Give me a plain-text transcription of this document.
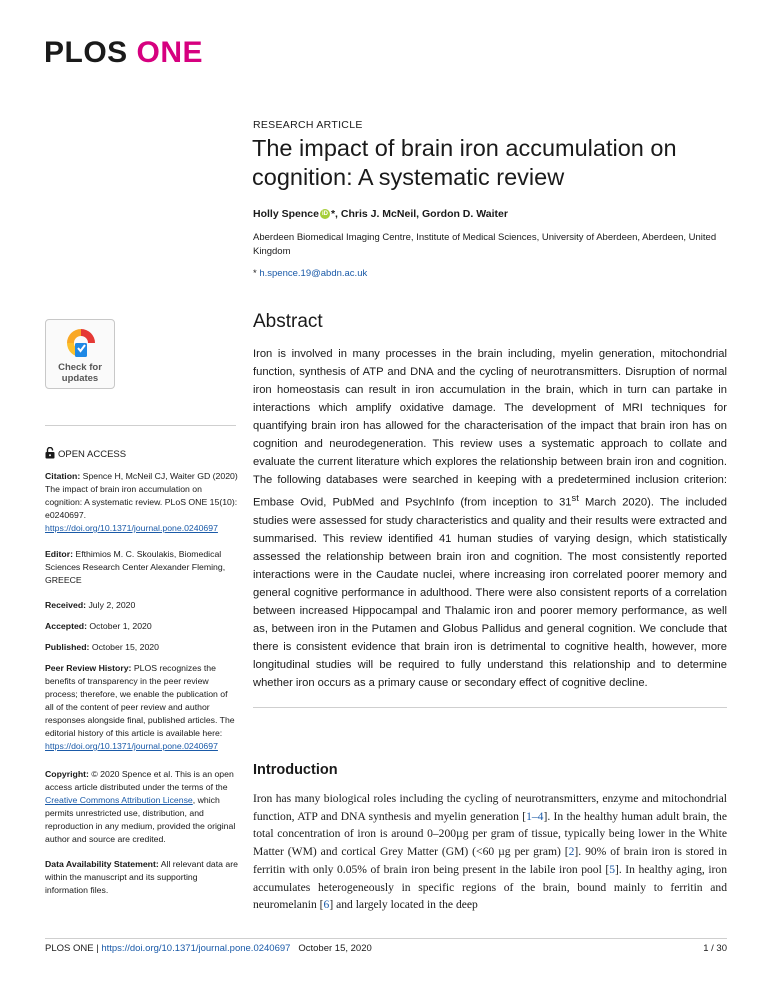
PLOS ONE
RESEARCH ARTICLE
The impact of brain iron accumulation on cognition: A systematic review
Holly Spence iD *, Chris J. McNeil, Gordon D. Waiter
Aberdeen Biomedical Imaging Centre, Institute of Medical Sciences, University of Aberdeen, Aberdeen, United Kingdom
* h.spence.19@abdn.ac.uk
Check for
updates
OPEN ACCESS
Citation: Spence H, McNeil CJ, Waiter GD (2020) The impact of brain iron accumulation on cognition: A systematic review. PLoS ONE 15(10): e0240697. https://doi.org/10.1371/journal.pone.0240697
Editor: Efthimios M. C. Skoulakis, Biomedical Sciences Research Center Alexander Fleming, GREECE
Received: July 2, 2020
Accepted: October 1, 2020
Published: October 15, 2020
Peer Review History: PLOS recognizes the benefits of transparency in the peer review process; therefore, we enable the publication of all of the content of peer review and author responses alongside final, published articles. The editorial history of this article is available here: https://doi.org/10.1371/journal.pone.0240697
Copyright: © 2020 Spence et al. This is an open access article distributed under the terms of the Creative Commons Attribution License, which permits unrestricted use, distribution, and reproduction in any medium, provided the original author and source are credited.
Data Availability Statement: All relevant data are within the manuscript and its supporting information files.
Abstract

Iron is involved in many processes in the brain including, myelin generation, mitochondrial function, synthesis of ATP and DNA and the cycling of neurotransmitters. Disruption of normal iron homeostasis can result in iron accumulation in the brain, which in turn can partake in interactions which amplify oxidative damage. The development of MRI techniques for quantifying brain iron has allowed for the characterisation of the impact that brain iron has on cognition and neurodegeneration. This review uses a systematic approach to collate and evaluate the current literature which explores the relationship between brain iron and cognition. The following databases were searched in keeping with a predetermined inclusion criterion: Embase Ovid, PubMed and PsychInfo (from inception to 31st March 2020). The included studies were assessed for study characteristics and quality and their results were extracted and summarised. This review identified 41 human studies of varying design, which statistically assessed the relationship between brain iron and cognition. The most consistently reported interactions were in the Caudate nuclei, where increasing iron correlated poorer memory and general cognitive performance in adulthood. There were also consistent reports of a correlation between increased Hippocampal and Thalamic iron and poorer memory performance, as well as, between iron in the Putamen and Globus Pallidus and general cognition. We conclude that there is consistent evidence that brain iron is detrimental to cognitive health, however, more longitudinal studies will be required to fully understand this relationship and to determine whether iron occurs as a primary cause or secondary effect of cognitive decline.

Introduction

Iron has many biological roles including the cycling of neurotransmitters, enzyme and mitochondrial function, ATP and DNA synthesis and myelin generation [1–4]. In the healthy human adult brain, the total concentration of iron is around 0–200µg per gram of tissue, typically being lower in the White Matter (WM) and cortical Grey Matter (GM) (<60 µg per gram) [2]. 90% of brain iron is stored in ferritin with only 0.05% of brain iron being present in the labile iron pool [5]. In healthy aging, iron accumulates heterogeneously in specific regions of the brain, bound mainly to ferritin and neuromelanin [6] and largely located in the deep

PLOS ONE | https://doi.org/10.1371/journal.pone.0240697   October 15, 2020	1 / 30
